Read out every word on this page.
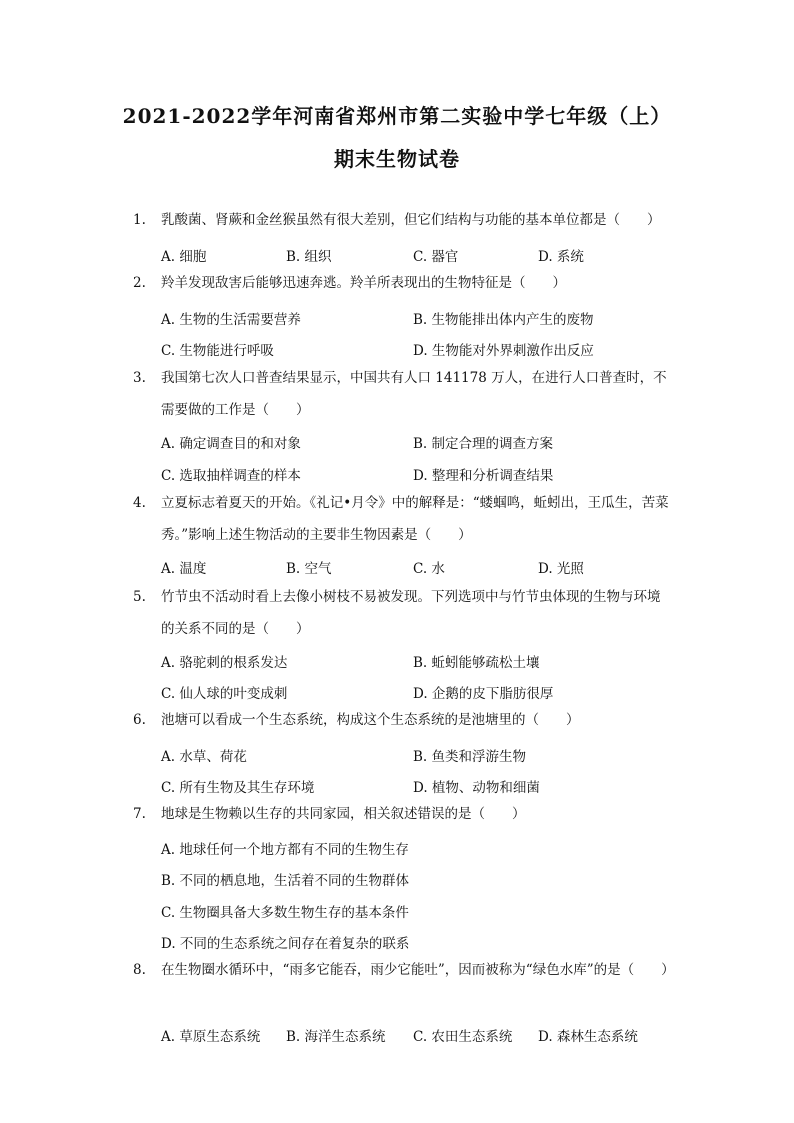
2021-2022学年河南省郑州市第二实验中学七年级（上）
期末生物试卷
1.	乳酸菌、肾蕨和金丝猴虽然有很大差别，但它们结构与功能的基本单位都是（　　）
A. 细胞	B. 组织	C. 器官	D. 系统
2.	羚羊发现敌害后能够迅速奔逃。羚羊所表现出的生物特征是（　　）
A. 生物的生活需要营养	B. 生物能排出体内产生的废物
C. 生物能进行呼吸	D. 生物能对外界刺激作出反应
3.	我国第七次人口普查结果显示，中国共有人口 141178 万人，在进行人口普查时，不需要做的工作是（　　）
A. 确定调查目的和对象	B. 制定合理的调查方案
C. 选取抽样调查的样本	D. 整理和分析调查结果
4.	立夏标志着夏天的开始。《礼记•月令》中的解释是：“蝼蝈鸣，蚯蚓出，王瓜生，苦菜秀。”影响上述生物活动的主要非生物因素是（　　）
A. 温度	B. 空气	C. 水	D. 光照
5.	竹节虫不活动时看上去像小树枝不易被发现。下列选项中与竹节虫体现的生物与环境的关系不同的是（　　）
A. 骆驼刺的根系发达	B. 蚯蚓能够疏松土壤
C. 仙人球的叶变成刺	D. 企鹅的皮下脂肪很厚
6.	池塘可以看成一个生态系统，构成这个生态系统的是池塘里的（　　）
A. 水草、荷花	B. 鱼类和浮游生物
C. 所有生物及其生存环境	D. 植物、动物和细菌
7.	地球是生物赖以生存的共同家园，相关叙述错误的是（　　）
A. 地球任何一个地方都有不同的生物生存
B. 不同的栖息地，生活着不同的生物群体
C. 生物圈具备大多数生物生存的基本条件
D. 不同的生态系统之间存在着复杂的联系
8.	在生物圈水循环中，“雨多它能吞，雨少它能吐”，因而被称为“绿色水库”的是（　　）
A. 草原生态系统 B. 海洋生态系统 C. 农田生态系统 D. 森林生态系统
